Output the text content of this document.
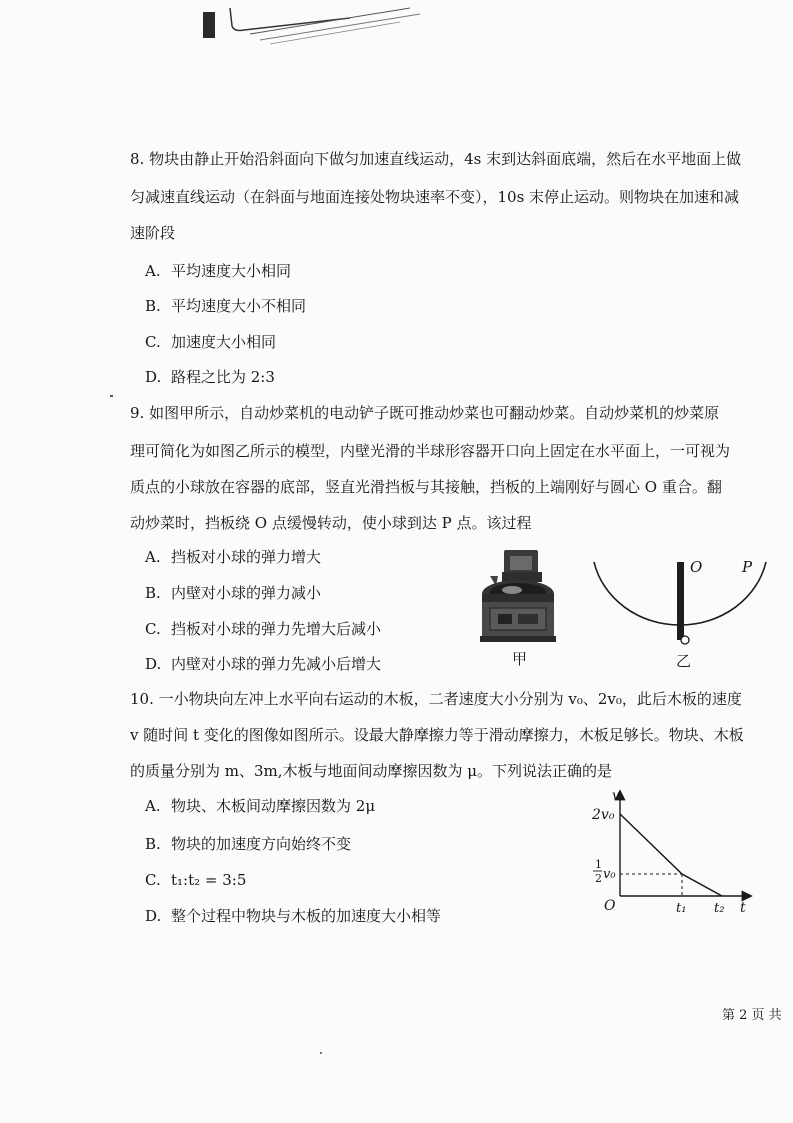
8. 物块由静止开始沿斜面向下做匀加速直线运动，4s 末到达斜面底端，然后在水平地面上做
匀减速直线运动（在斜面与地面连接处物块速率不变），10s 末停止运动。则物块在加速和减
速阶段
A. 平均速度大小相同
B. 平均速度大小不相同
C. 加速度大小相同
D. 路程之比为 2:3
9. 如图甲所示，自动炒菜机的电动铲子既可推动炒菜也可翻动炒菜。自动炒菜机的炒菜原
理可简化为如图乙所示的模型，内壁光滑的半球形容器开口向上固定在水平面上，一可视为
质点的小球放在容器的底部，竖直光滑挡板与其接触，挡板的上端刚好与圆心 O 重合。翻
动炒菜时，挡板绕 O 点缓慢转动，使小球到达 P 点。该过程
A. 挡板对小球的弹力增大
B. 内壁对小球的弹力减小
C. 挡板对小球的弹力先增大后减小
D. 内壁对小球的弹力先减小后增大	甲
O	P
乙
10. 一小物块向左冲上水平向右运动的木板，二者速度大小分别为 v₀、2v₀，此后木板的速度
v 随时间 t 变化的图像如图所示。设最大静摩擦力等于滑动摩擦力，木板足够长。物块、木板
的质量分别为 m、3m,木板与地面间动摩擦因数为 μ。下列说法正确的是
A. 物块、木板间动摩擦因数为 2μ
B. 物块的加速度方向始终不变
C. t₁:t₂ = 3:5
D. 整个过程中物块与木板的加速度大小相等
v
t
O
2v₀
1
2 v₀
t₁ t₂
第 2 页 共
